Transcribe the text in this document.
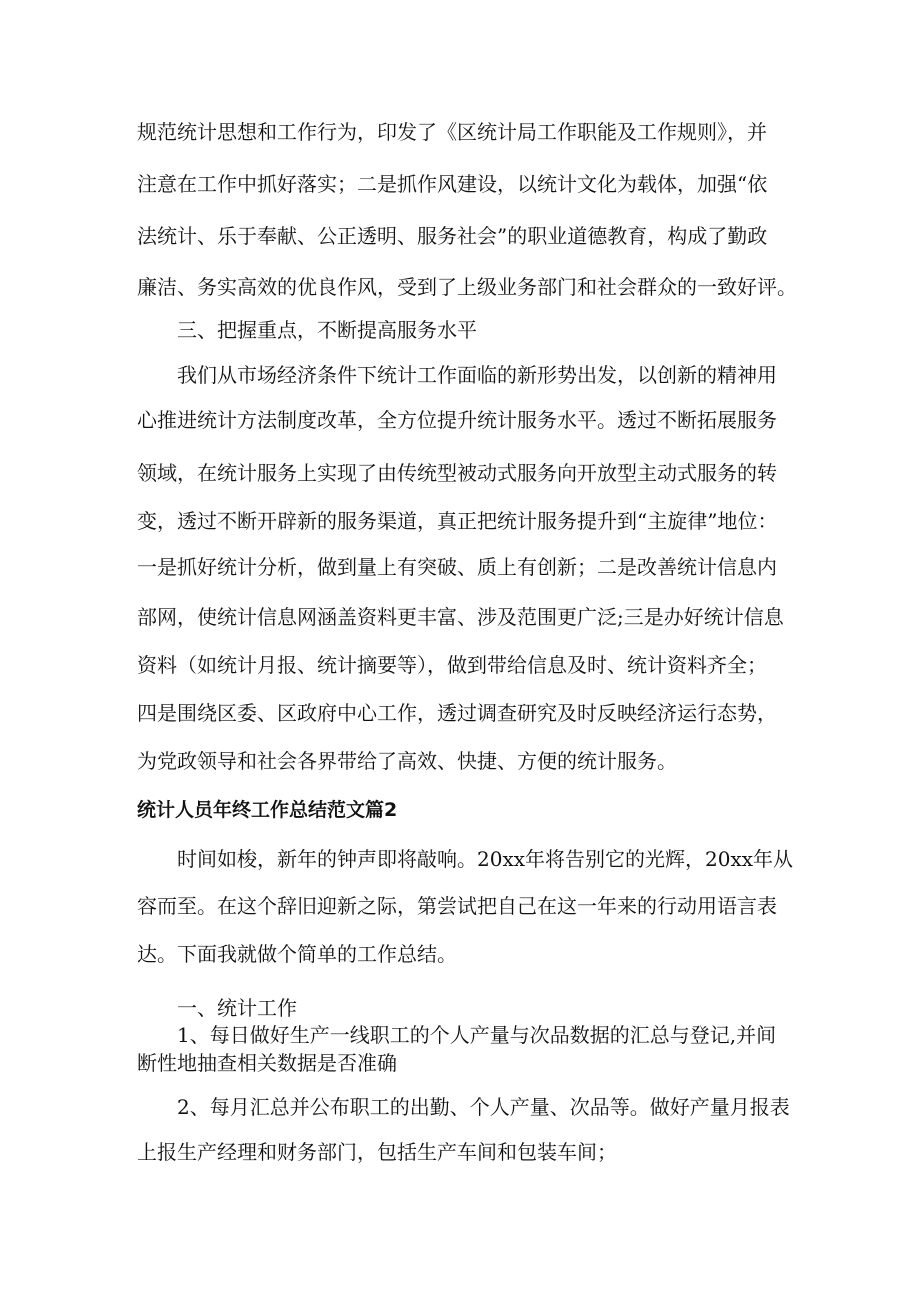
规范统计思想和工作行为，印发了《区统计局工作职能及工作规则》，并

注意在工作中抓好落实；二是抓作风建设，以统计文化为载体，加强“依

法统计、乐于奉献、公正透明、服务社会”的职业道德教育，构成了勤政

廉洁、务实高效的优良作风，受到了上级业务部门和社会群众的一致好评。

三、把握重点，不断提高服务水平

我们从市场经济条件下统计工作面临的新形势出发，以创新的精神用

心推进统计方法制度改革，全方位提升统计服务水平。透过不断拓展服务

领域，在统计服务上实现了由传统型被动式服务向开放型主动式服务的转

变，透过不断开辟新的服务渠道，真正把统计服务提升到“主旋律”地位：

一是抓好统计分析，做到量上有突破、质上有创新；二是改善统计信息内

部网，使统计信息网涵盖资料更丰富、涉及范围更广泛;三是办好统计信息

资料（如统计月报、统计摘要等），做到带给信息及时、统计资料齐全；

四是围绕区委、区政府中心工作，透过调查研究及时反映经济运行态势，

为党政领导和社会各界带给了高效、快捷、方便的统计服务。

统计人员年终工作总结范文篇2

时间如梭，新年的钟声即将敲响。20xx年将告别它的光辉，20xx年从

容而至。在这个辞旧迎新之际，第尝试把自己在这一年来的行动用语言表

达。下面我就做个简单的工作总结。

一、统计工作

1、每日做好生产一线职工的个人产量与次品数据的汇总与登记,并间

断性地抽查相关数据是否准确

2、每月汇总并公布职工的出勤、个人产量、次品等。做好产量月报表

上报生产经理和财务部门，包括生产车间和包装车间；
